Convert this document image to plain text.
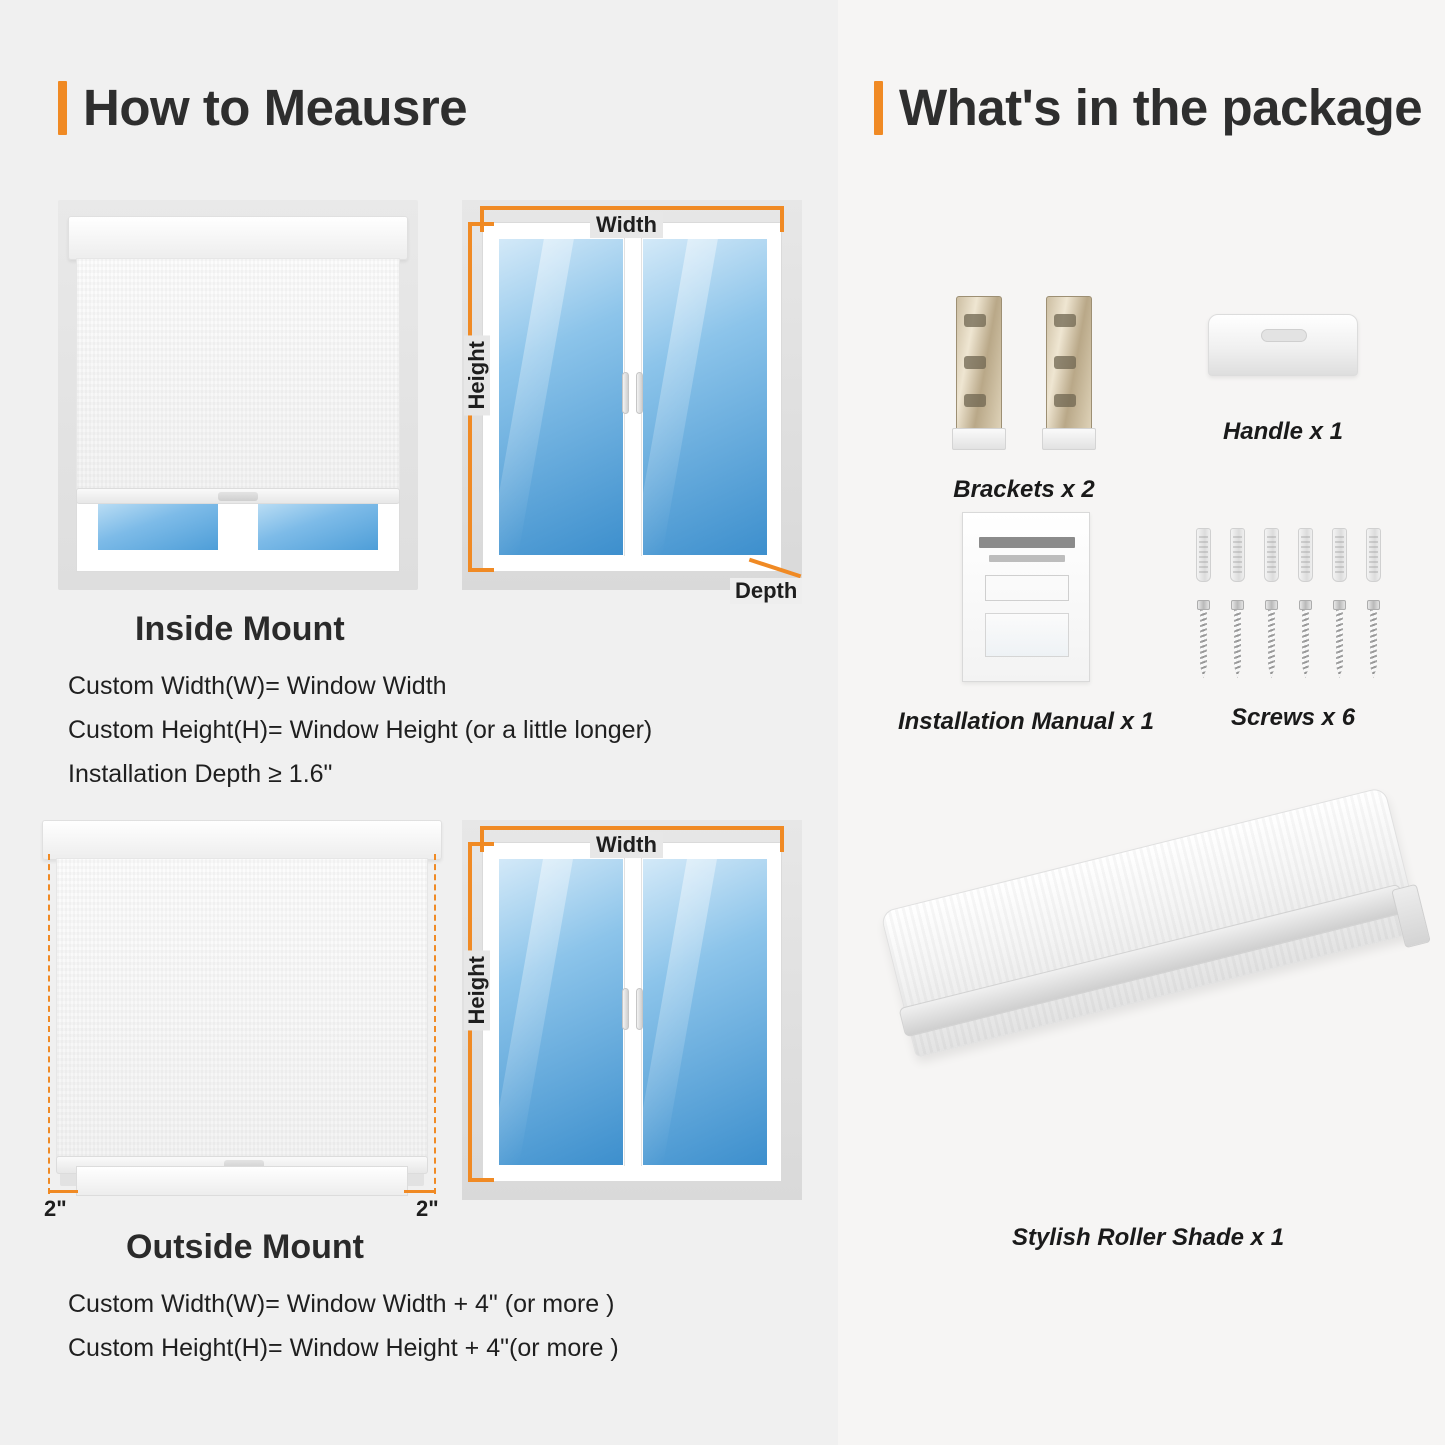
How to Meausre
Width
Height
Depth
Inside Mount
Custom Width(W)= Window Width
Custom Height(H)= Window Height (or a little longer)
Installation Depth ≥ 1.6"
2"	2"
Width
Height
Outside Mount
Custom Width(W)= Window Width + 4" (or more )
Custom Height(H)= Window Height + 4"(or more )
What's in the package
Brackets x 2
Handle x 1
Installation Manual x 1	Screws x 6
Stylish Roller Shade x 1
